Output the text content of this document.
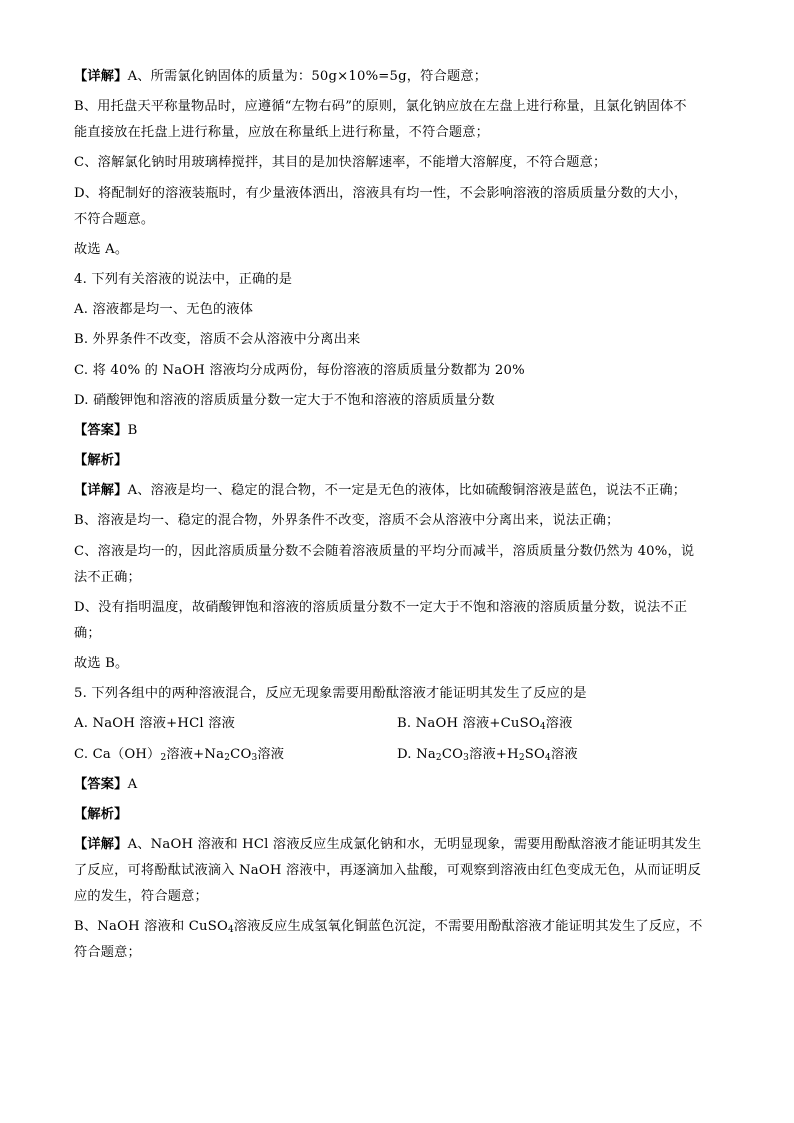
【详解】A、所需氯化钠固体的质量为：50g×10%=5g，符合题意；
B、用托盘天平称量物品时，应遵循“左物右码”的原则，氯化钠应放在左盘上进行称量，且氯化钠固体不
能直接放在托盘上进行称量，应放在称量纸上进行称量，不符合题意；
C、溶解氯化钠时用玻璃棒搅拌，其目的是加快溶解速率，不能增大溶解度，不符合题意；
D、将配制好的溶液装瓶时，有少量液体洒出，溶液具有均一性，不会影响溶液的溶质质量分数的大小，
不符合题意。
故选 A。
4. 下列有关溶液的说法中，正确的是
A. 溶液都是均一、无色的液体
B. 外界条件不改变，溶质不会从溶液中分离出来
C. 将 40% 的 NaOH 溶液均分成两份，每份溶液的溶质质量分数都为 20%
D. 硝酸钾饱和溶液的溶质质量分数一定大于不饱和溶液的溶质质量分数
【答案】B
【解析】
【详解】A、溶液是均一、稳定的混合物，不一定是无色的液体，比如硫酸铜溶液是蓝色，说法不正确；
B、溶液是均一、稳定的混合物，外界条件不改变，溶质不会从溶液中分离出来，说法正确；
C、溶液是均一的，因此溶质质量分数不会随着溶液质量的平均分而减半，溶质质量分数仍然为 40%，说
法不正确；
D、没有指明温度，故硝酸钾饱和溶液的溶质质量分数不一定大于不饱和溶液的溶质质量分数，说法不正
确；
故选 B。
5. 下列各组中的两种溶液混合，反应无现象需要用酚酞溶液才能证明其发生了反应的是
A. NaOH 溶液+HCl 溶液	B. NaOH 溶液+CuSO$_4$溶液
C. $Ca(OH)_2$溶液$+Na_2CO_3$溶液	D. $Na_2CO_3$溶液$+H_2SO_4$溶液
【答案】A
【解析】
【详解】A、NaOH 溶液和 HCl 溶液反应生成氯化钠和水，无明显现象，需要用酚酞溶液才能证明其发生
了反应，可将酚酞试液滴入 NaOH 溶液中，再逐滴加入盐酸，可观察到溶液由红色变成无色，从而证明反
应的发生，符合题意；
B、NaOH 溶液和 CuSO$_4$溶液反应生成氢氧化铜蓝色沉淀，不需要用酚酞溶液才能证明其发生了反应，不
符合题意；
